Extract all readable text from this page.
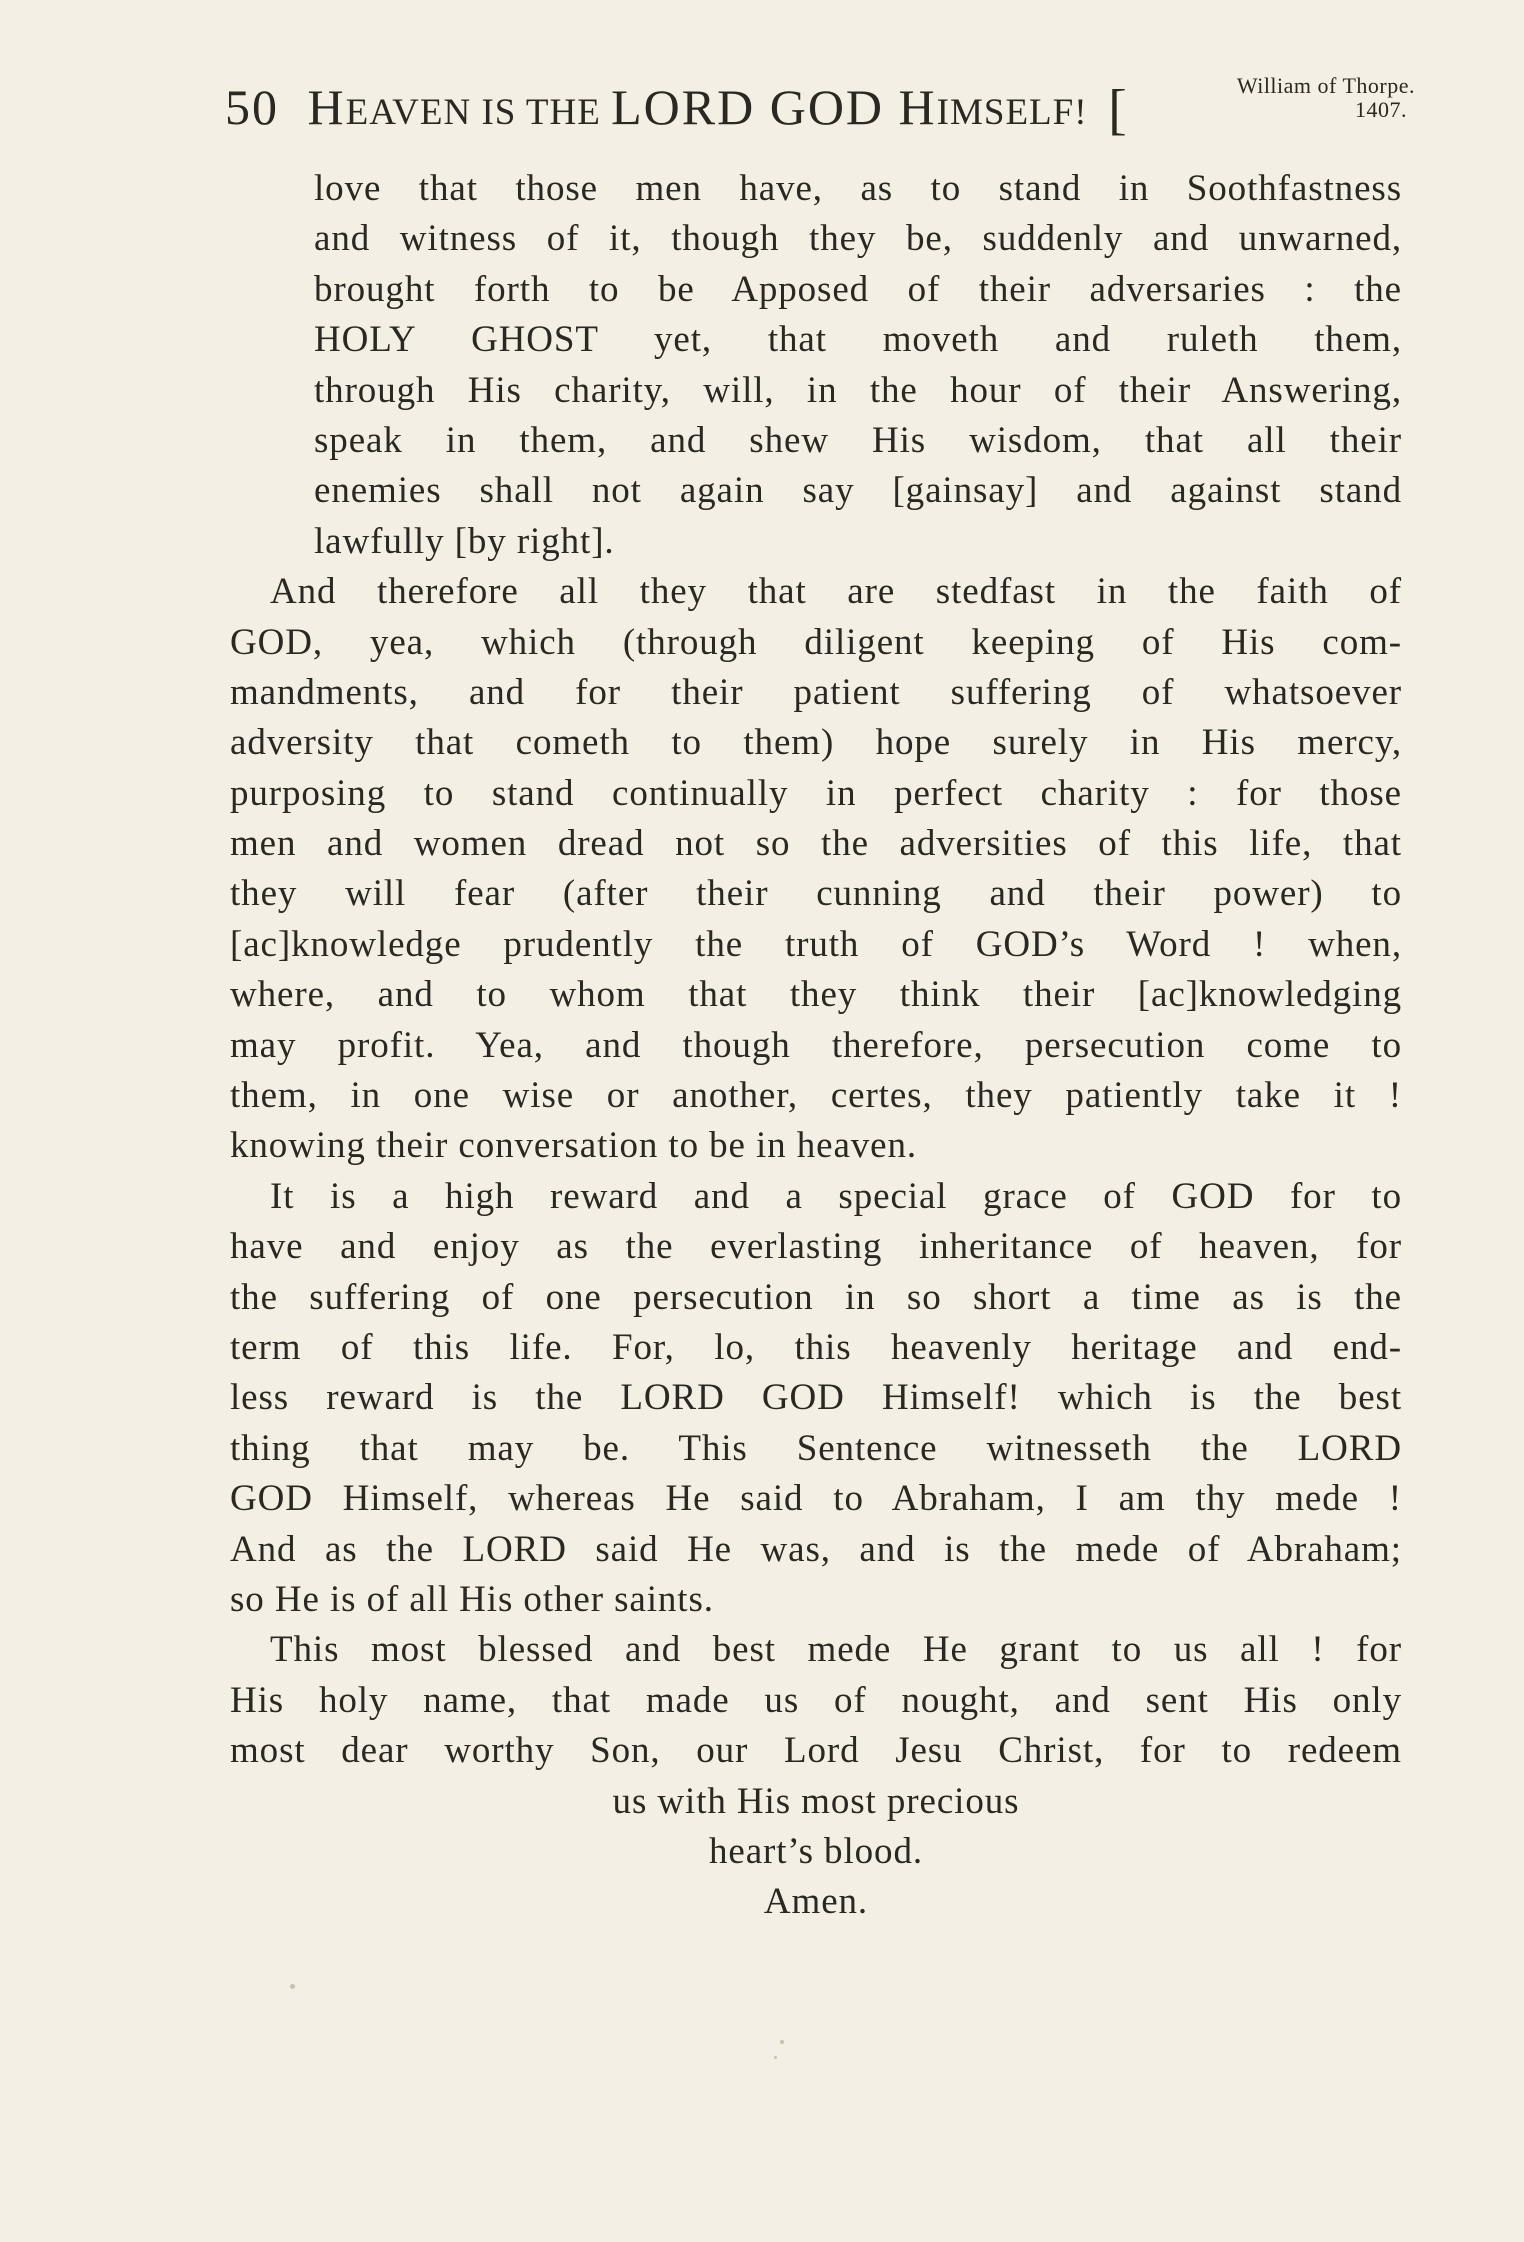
50 HEAVEN IS THE LORD GOD HIMSELF! [	William of Thorpe.
1407.
love that those men have, as to stand in Soothfastness
and witness of it, though they be, suddenly and unwarned,
brought forth to be Apposed of their adversaries : the
HOLY GHOST yet, that moveth and ruleth them,
through His charity, will, in the hour of their Answering,
speak in them, and shew His wisdom, that all their
enemies shall not again say [gainsay] and against stand
lawfully [by right].
And therefore all they that are stedfast in the faith of
GOD, yea, which (through diligent keeping of His com-
mandments, and for their patient suffering of whatsoever
adversity that cometh to them) hope surely in His mercy,
purposing to stand continually in perfect charity : for those
men and women dread not so the adversities of this life, that
they will fear (after their cunning and their power) to
[ac]knowledge prudently the truth of GOD’s Word ! when,
where, and to whom that they think their [ac]knowledging
may profit. Yea, and though therefore, persecution come to
them, in one wise or another, certes, they patiently take it !
knowing their conversation to be in heaven.
It is a high reward and a special grace of GOD for to
have and enjoy as the everlasting inheritance of heaven, for
the suffering of one persecution in so short a time as is the
term of this life. For, lo, this heavenly heritage and end-
less reward is the LORD GOD Himself! which is the best
thing that may be. This Sentence witnesseth the LORD
GOD Himself, whereas He said to Abraham, I am thy mede !
And as the LORD said He was, and is the mede of Abraham;
so He is of all His other saints.
This most blessed and best mede He grant to us all ! for
His holy name, that made us of nought, and sent His only
most dear worthy Son, our Lord Jesu Christ, for to redeem
us with His most precious
heart’s blood.
Amen.
